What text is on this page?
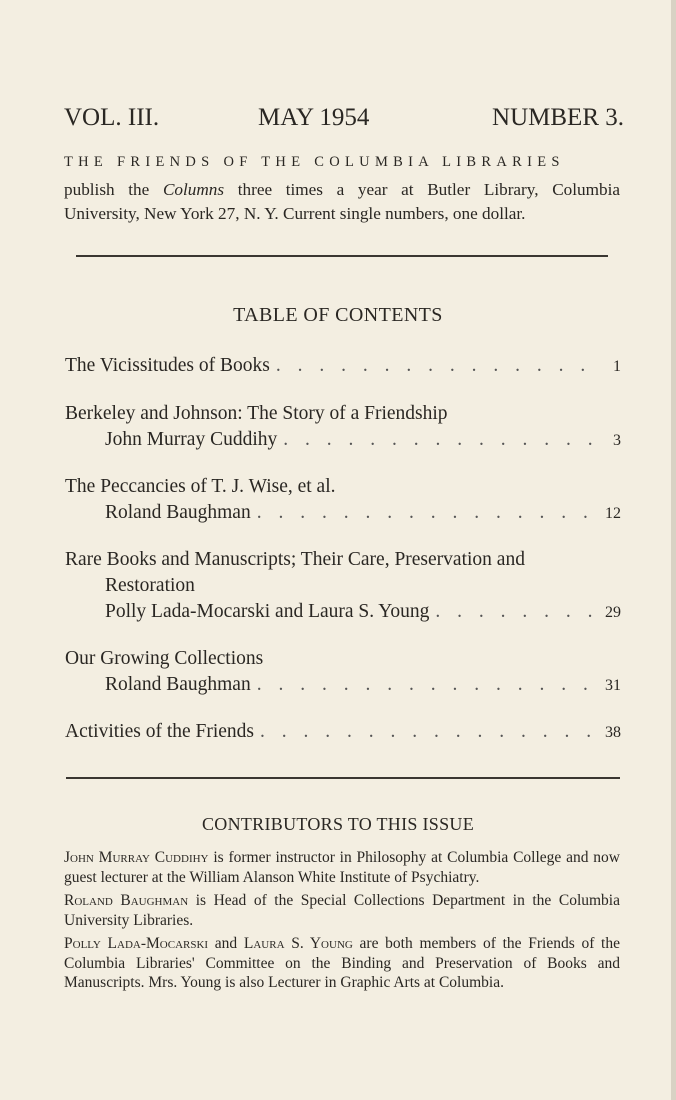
VOL. III.	MAY 1954	NUMBER 3.
THE FRIENDS OF THE COLUMBIA LIBRARIES
publish the Columns three times a year at Butler Library, Columbia
University, New York 27, N. Y. Current single numbers, one dollar.
TABLE OF CONTENTS
The Vicissitudes of Books . . .	1
Berkeley and Johnson: The Story of a Friendship
John Murray Cuddihy . . .	3
The Peccancies of T. J. Wise, et al.
Roland Baughman . . .	12
Rare Books and Manuscripts; Their Care, Preservation and
Restoration
Polly Lada-Mocarski and Laura S. Young . . .	29
Our Growing Collections
Roland Baughman . . .	31
Activities of the Friends . . .	38
CONTRIBUTORS TO THIS ISSUE

John Murray Cuddihy is former instructor in Philosophy at Columbia College and now guest lecturer at the William Alanson White Institute of Psychiatry.

Roland Baughman is Head of the Special Collections Department in the Columbia University Libraries.

Polly Lada-Mocarski and Laura S. Young are both members of the Friends of the Columbia Libraries' Committee on the Binding and Preservation of Books and Manuscripts. Mrs. Young is also Lecturer in Graphic Arts at Columbia.
